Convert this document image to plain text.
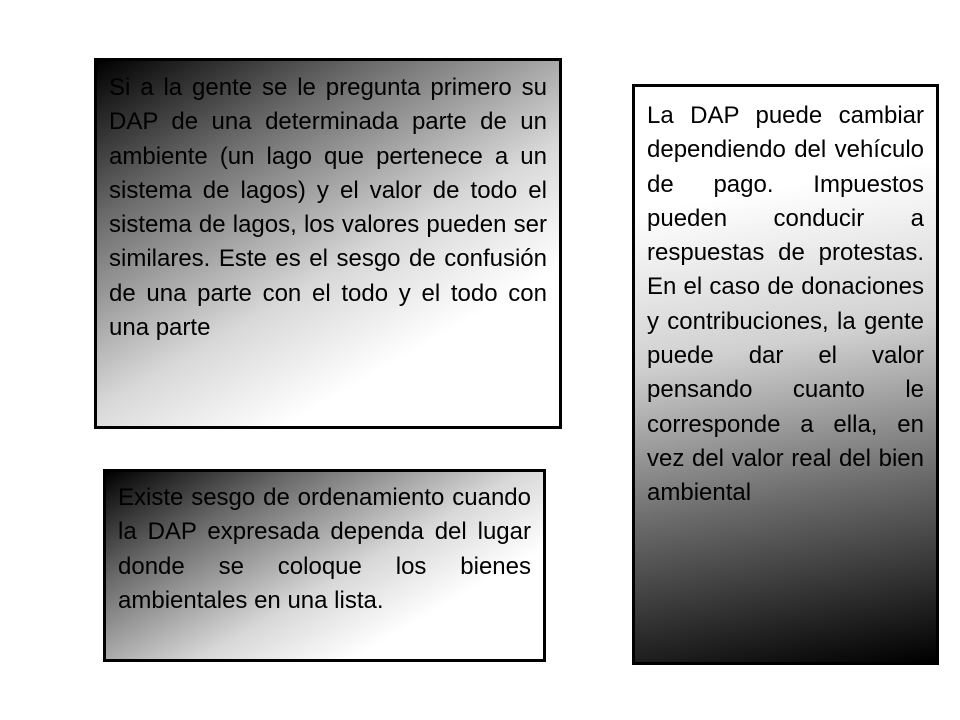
Si a la gente se le pregunta primero su DAP de una determinada parte de un ambiente (un lago que pertenece a un sistema de lagos) y el valor de todo el sistema de lagos, los valores pueden ser similares. Este es el sesgo de confusión de una parte con el todo y el todo con una parte

Existe sesgo de ordenamiento cuando la DAP expresada dependa del lugar donde se coloque los bienes ambientales en una lista.

La DAP puede cambiar dependiendo del vehículo de pago. Impuestos pueden conducir a respuestas de protestas. En el caso de donaciones y contribuciones, la gente puede dar el valor pensando cuanto le corresponde a ella, en vez del valor real del bien ambiental
